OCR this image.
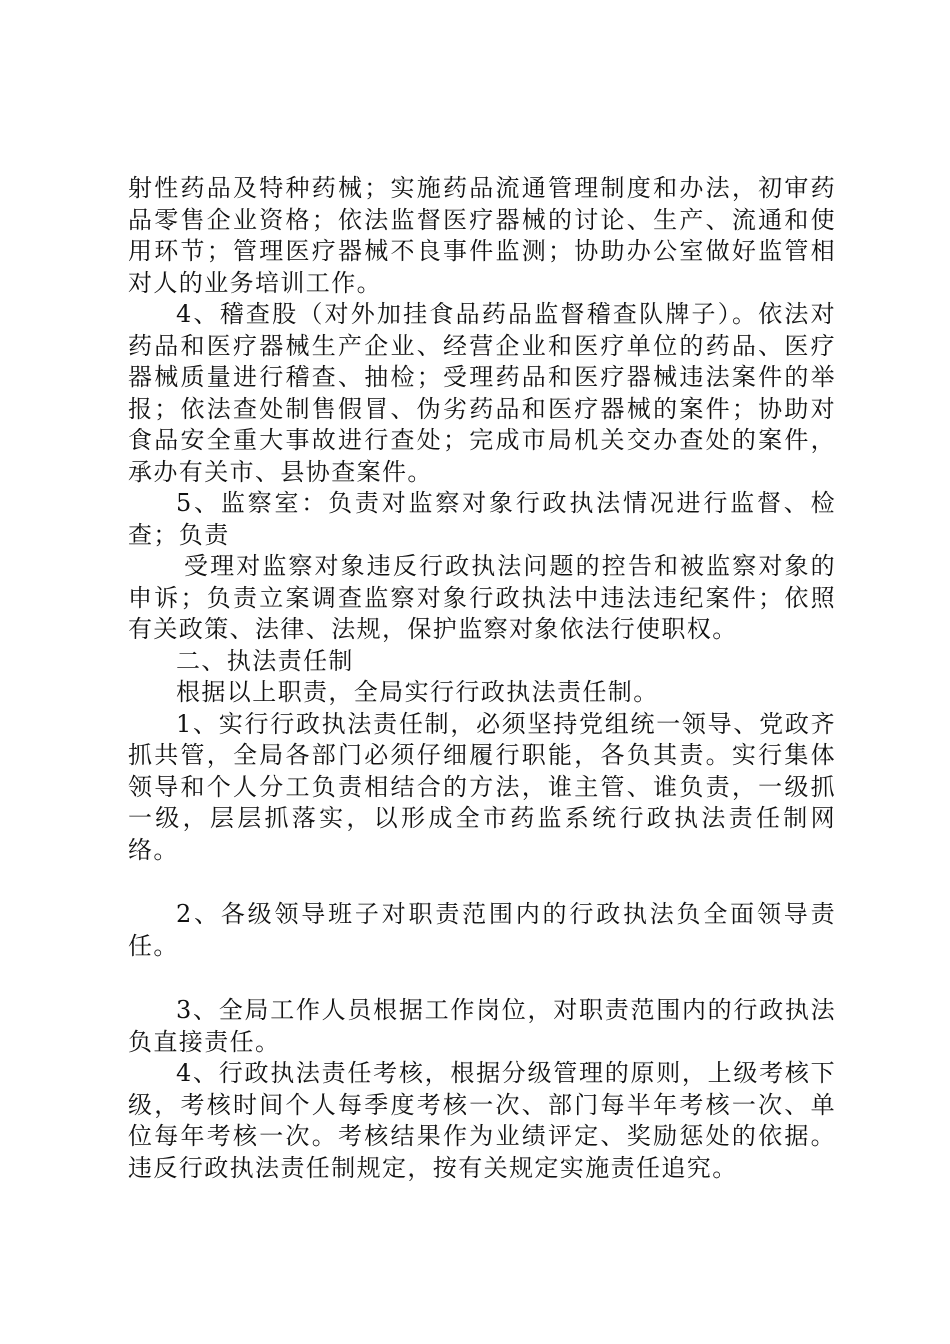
射性药品及特种药械；实施药品流通管理制度和办法，初审药品零售企业资格；依法监督医疗器械的讨论、生产、流通和使用环节；管理医疗器械不良事件监测；协助办公室做好监管相对人的业务培训工作。

4、稽查股（对外加挂食品药品监督稽查队牌子）。依法对药品和医疗器械生产企业、经营企业和医疗单位的药品、医疗器械质量进行稽查、抽检；受理药品和医疗器械违法案件的举报；依法查处制售假冒、伪劣药品和医疗器械的案件；协助对食品安全重大事故进行查处；完成市局机关交办查处的案件，承办有关市、县协查案件。

5、监察室：负责对监察对象行政执法情况进行监督、检查；负责

受理对监察对象违反行政执法问题的控告和被监察对象的申诉；负责立案调查监察对象行政执法中违法违纪案件；依照有关政策、法律、法规，保护监察对象依法行使职权。

二、执法责任制

根据以上职责，全局实行行政执法责任制。

1、实行行政执法责任制，必须坚持党组统一领导、党政齐抓共管，全局各部门必须仔细履行职能，各负其责。实行集体领导和个人分工负责相结合的方法，谁主管、谁负责，一级抓一级，层层抓落实，以形成全市药监系统行政执法责任制网络。

2、各级领导班子对职责范围内的行政执法负全面领导责任。

3、全局工作人员根据工作岗位，对职责范围内的行政执法负直接责任。

4、行政执法责任考核，根据分级管理的原则，上级考核下级，考核时间个人每季度考核一次、部门每半年考核一次、单位每年考核一次。考核结果作为业绩评定、奖励惩处的依据。违反行政执法责任制规定，按有关规定实施责任追究。
